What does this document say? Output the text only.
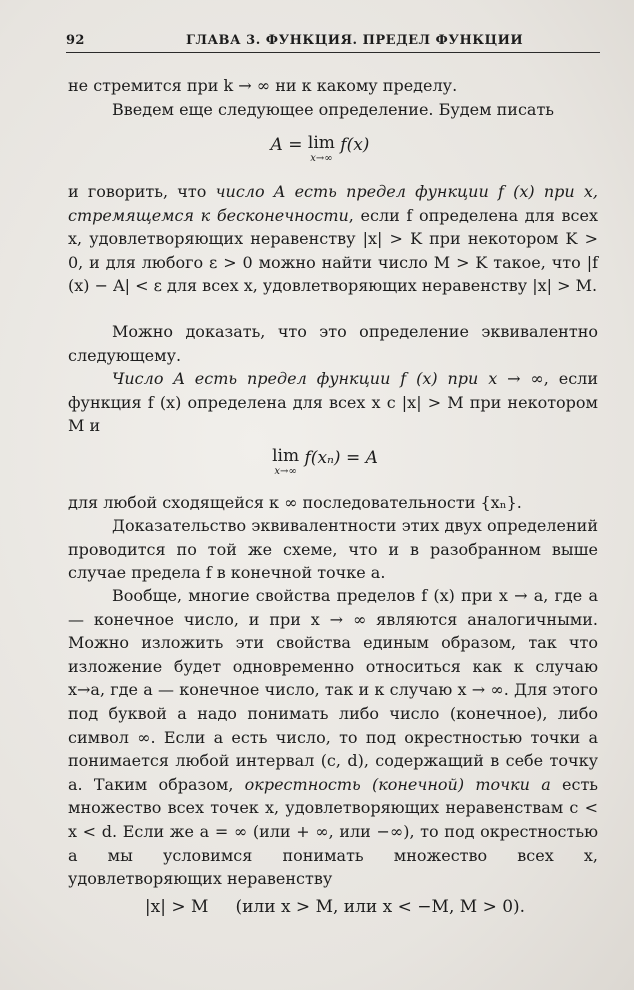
92	ГЛАВА 3. ФУНКЦИЯ. ПРЕДЕЛ ФУНКЦИИ

не стремится при k → ∞ ни к какому пределу.

Введем еще следующее определение. Будем писать

A = lim
x→∞
f(x)

и говорить, что число A есть предел функции f (x) при x, стремящемся к бесконечности, если f определена для всех x, удовлетворяющих неравенству |x| > K при некотором K > 0, и для любого ε > 0 можно найти число M > K такое, что |f (x) − A| < ε для всех x, удовлетворяющих неравенству |x| > M.

Можно доказать, что это определение эквивалентно следующему.

Число A есть предел функции f (x) при x → ∞, если функция f (x) определена для всех x с |x| > M при некотором M и

lim
x→∞
f(xₙ) = A

для любой сходящейся к ∞ последовательности {xₙ}.

Доказательство эквивалентности этих двух определений проводится по той же схеме, что и в разобранном выше случае предела f в конечной точке a.

Вообще, многие свойства пределов f (x) при x → a, где a — конечное число, и при x → ∞ являются аналогичными. Можно изложить эти свойства единым образом, так что изложение будет одновременно относиться как к случаю x→a, где a — конечное число, так и к случаю x → ∞. Для этого под буквой a надо понимать либо число (конечное), либо символ ∞. Если a есть число, то под окрестностью точки a понимается любой интервал (c, d), содержащий в себе точку a. Таким образом, окрестность (конечной) точки a есть множество всех точек x, удовлетворяющих неравенствам c < x < d. Если же a = ∞ (или + ∞, или −∞), то под окрестностью a мы условимся понимать множество всех x, удовлетворяющих неравенству

|x| > M     (или x > M, или x < −M, M > 0).
